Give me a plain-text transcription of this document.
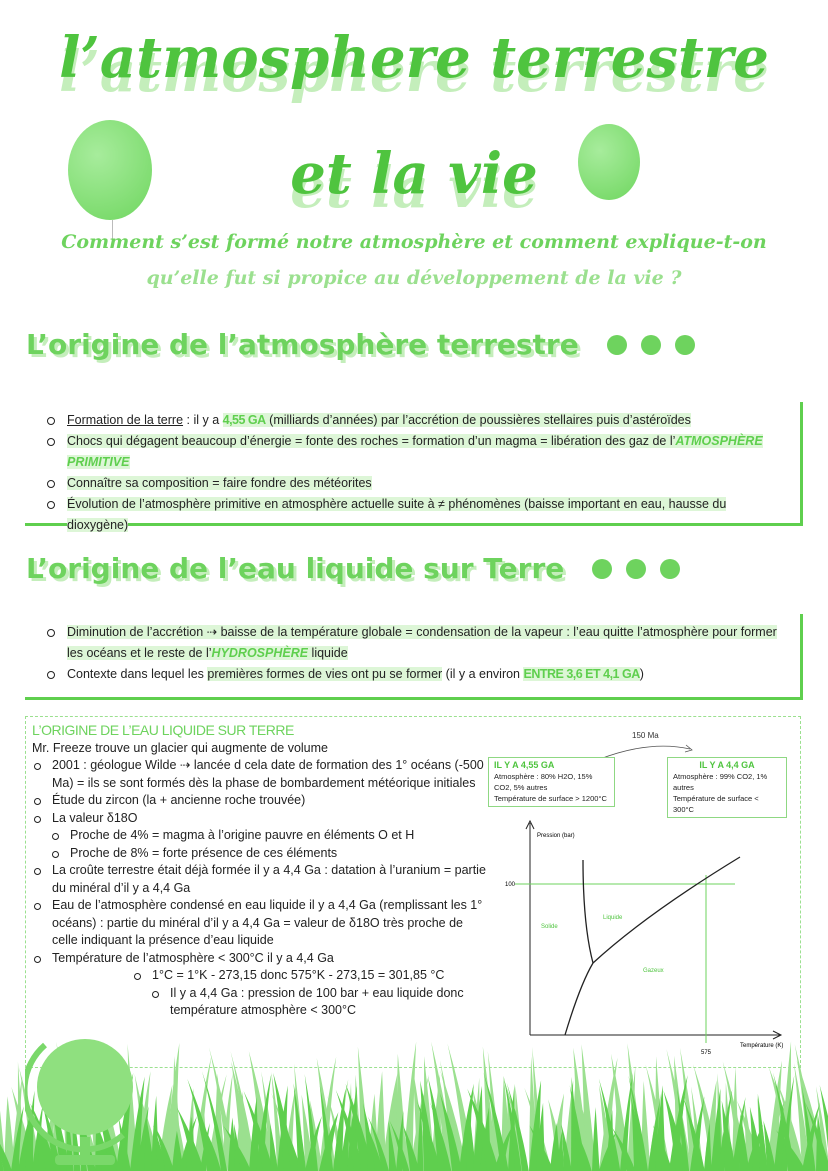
l’atmosphere terrestre
et la vie
Comment s’est formé notre atmosphère et comment explique-t-on
qu’elle fut si propice au développement de la vie ?
L’origine de l’atmosphère terrestre
Formation de la terre : il y a 4,55 GA (milliards d’années) par l’accrétion de poussières stellaires puis d’astéroïdes
Chocs qui dégagent beaucoup d’énergie = fonte des roches = formation d’un magma = libération des gaz de l’ATMOSPHÈRE PRIMITIVE
Connaître sa composition = faire fondre des météorites
Évolution de l’atmosphère primitive en atmosphère actuelle suite à ≠ phénomènes (baisse important en eau, hausse du dioxygène)
L’origine de l’eau liquide sur Terre
Diminution de l’accrétion ⇢ baisse de la température globale = condensation de la vapeur : l’eau quitte l’atmosphère pour former les océans et le reste de l’HYDROSPHÈRE liquide
Contexte dans lequel les premières formes de vies ont pu se former (il y a environ ENTRE 3,6 ET 4,1 GA)
L’ORIGINE DE L’EAU LIQUIDE SUR TERRE
Mr. Freeze trouve un glacier qui augmente de volume
2001 : géologue Wilde ⇢ lancée d cela date de formation des 1° océans (-500 Ma) = ils se sont formés dès la phase de bombardement météorique initiales
Étude du zircon (la + ancienne roche trouvée)
La valeur δ18O
Proche de 4% = magma à l’origine pauvre en éléments O et H
Proche de 8% = forte présence de ces éléments
La croûte terrestre était déjà formée il y a 4,4 Ga : datation à l’uranium = partie du minéral d’il y a 4,4 Ga
Eau de l’atmosphère condensé en eau liquide il y a 4,4 Ga (remplissant les 1° océans) : partie du minéral d’il y a 4,4 Ga = valeur de δ18O très proche de celle indiquant la présence d’eau liquide
Température de l’atmosphère < 300°C il y a 4,4 Ga
1°C = 1°K - 273,15 donc 575°K - 273,15 = 301,85 °C
Il y a 4,4 Ga : pression de 100 bar + eau liquide donc température atmosphère < 300°C
150 Ma
IL Y A 4,55 GA
Atmosphère : 80% H2O, 15% CO2, 5% autres
Température de surface > 1200°C
IL Y A 4,4 GA
Atmosphère : 99% CO2, 1% autres
Température de surface < 300°C
Pression (bar)
Température (K)
100
575
Solide
Liquide
Gazeux
